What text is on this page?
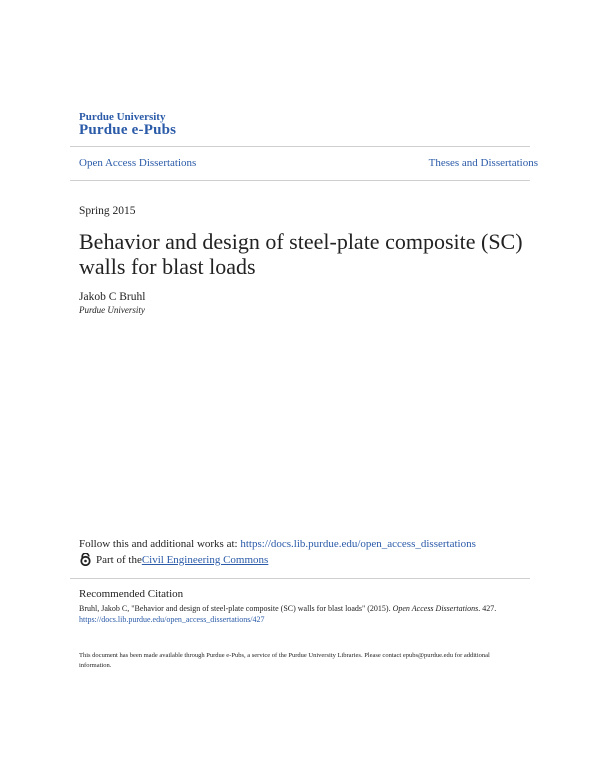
Purdue University
Purdue e-Pubs
Open Access Dissertations	Theses and Dissertations
Spring 2015
Behavior and design of steel-plate composite (SC) walls for blast loads
Jakob C Bruhl
Purdue University
Follow this and additional works at: https://docs.lib.purdue.edu/open_access_dissertations
Part of the Civil Engineering Commons
Recommended Citation
Bruhl, Jakob C, "Behavior and design of steel-plate composite (SC) walls for blast loads" (2015). Open Access Dissertations. 427.
https://docs.lib.purdue.edu/open_access_dissertations/427
This document has been made available through Purdue e-Pubs, a service of the Purdue University Libraries. Please contact epubs@purdue.edu for additional information.
